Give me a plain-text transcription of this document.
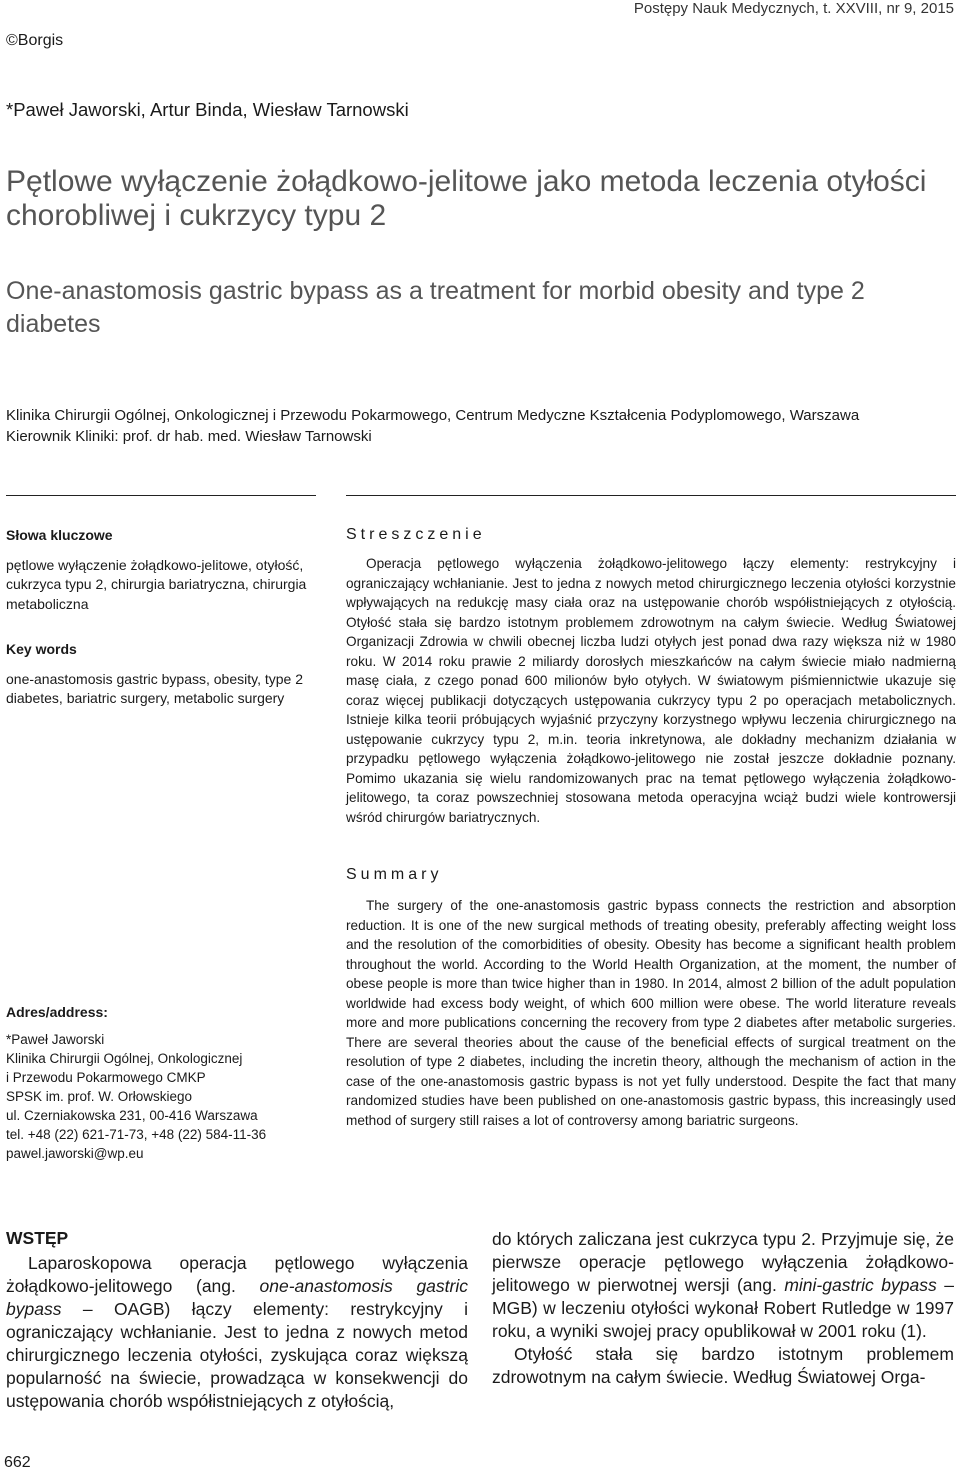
Postępy Nauk Medycznych, t. XXVIII, nr 9, 2015
©Borgis
*Paweł Jaworski, Artur Binda, Wiesław Tarnowski
Pętlowe wyłączenie żołądkowo-jelitowe jako metoda leczenia otyłości chorobliwej i cukrzycy typu 2
One-anastomosis gastric bypass as a treatment for morbid obesity and type 2 diabetes
Klinika Chirurgii Ogólnej, Onkologicznej i Przewodu Pokarmowego, Centrum Medyczne Kształcenia Podyplomowego, Warszawa
Kierownik Kliniki: prof. dr hab. med. Wiesław Tarnowski
Słowa kluczowe
pętlowe wyłączenie żołądkowo-jelitowe, otyłość, cukrzyca typu 2, chirurgia bariatryczna, chirurgia metaboliczna
Key words
one-anastomosis gastric bypass, obesity, type 2 diabetes, bariatric surgery, metabolic surgery
Streszczenie

Operacja pętlowego wyłączenia żołądkowo-jelitowego łączy elementy: restrykcyjny i ograniczający wchłanianie. Jest to jedna z nowych metod chirurgicznego leczenia otyłości korzystnie wpływających na redukcję masy ciała oraz na ustępowanie chorób współistniejących z otyłością. Otyłość stała się bardzo istotnym problemem zdrowotnym na całym świecie. Według Światowej Organizacji Zdrowia w chwili obecnej liczba ludzi otyłych jest ponad dwa razy większa niż w 1980 roku. W 2014 roku prawie 2 miliardy dorosłych mieszkańców na całym świecie miało nadmierną masę ciała, z czego ponad 600 milionów było otyłych. W światowym piśmiennictwie ukazuje się coraz więcej publikacji dotyczących ustępowania cukrzycy typu 2 po operacjach metabolicznych. Istnieje kilka teorii próbujących wyjaśnić przyczyny korzystnego wpływu leczenia chirurgicznego na ustępowanie cukrzycy typu 2, m.in. teoria inkretynowa, ale dokładny mechanizm działania w przypadku pętlowego wyłączenia żołądkowo-jelitowego nie został jeszcze dokładnie poznany. Pomimo ukazania się wielu randomizowanych prac na temat pętlowego wyłączenia żołądkowo-jelitowego, ta coraz powszechniej stosowana metoda operacyjna wciąż budzi wiele kontrowersji wśród chirurgów bariatrycznych.

Summary

The surgery of the one-anastomosis gastric bypass connects the restriction and absorption reduction. It is one of the new surgical methods of treating obesity, preferably affecting weight loss and the resolution of the comorbidities of obesity. Obesity has become a significant health problem throughout the world. According to the World Health Organization, at the moment, the number of obese people is more than twice higher than in 1980. In 2014, almost 2 billion of the adult population worldwide had excess body weight, of which 600 million were obese. The world literature reveals more and more publications concerning the recovery from type 2 diabetes after metabolic surgeries. There are several theories about the cause of the beneficial effects of surgical treatment on the resolution of type 2 diabetes, including the incretin theory, although the mechanism of action in the case of the one-anastomosis gastric bypass is not yet fully understood. Despite the fact that many randomized studies have been published on one-anastomosis gastric bypass, this increasingly used method of surgery still raises a lot of controversy among bariatric surgeons.

Adres/address:
*Paweł Jaworski
Klinika Chirurgii Ogólnej, Onkologicznej
i Przewodu Pokarmowego CMKP
SPSK im. prof. W. Orłowskiego
ul. Czerniakowska 231, 00-416 Warszawa
tel. +48 (22) 621-71-73, +48 (22) 584-11-36
pawel.jaworski@wp.eu
WSTĘP

Laparoskopowa operacja pętlowego wyłączenia żołądkowo-jelitowego (ang. one-anastomosis gastric bypass – OAGB) łączy elementy: restrykcyjny i ograniczający wchłanianie. Jest to jedna z nowych metod chirurgicznego leczenia otyłości, zyskująca coraz większą popularność na świecie, prowadząca w konsekwencji do ustępowania chorób współistniejących z otyłością,

do których zaliczana jest cukrzyca typu 2. Przyjmuje się, że pierwsze operacje pętlowego wyłączenia żołądkowo-jelitowego w pierwotnej wersji (ang. mini-gastric bypass – MGB) w leczeniu otyłości wykonał Robert Rutledge w 1997 roku, a wyniki swojej pracy opublikował w 2001 roku (1).

Otyłość stała się bardzo istotnym problemem zdrowotnym na całym świecie. Według Światowej Orga-

662
